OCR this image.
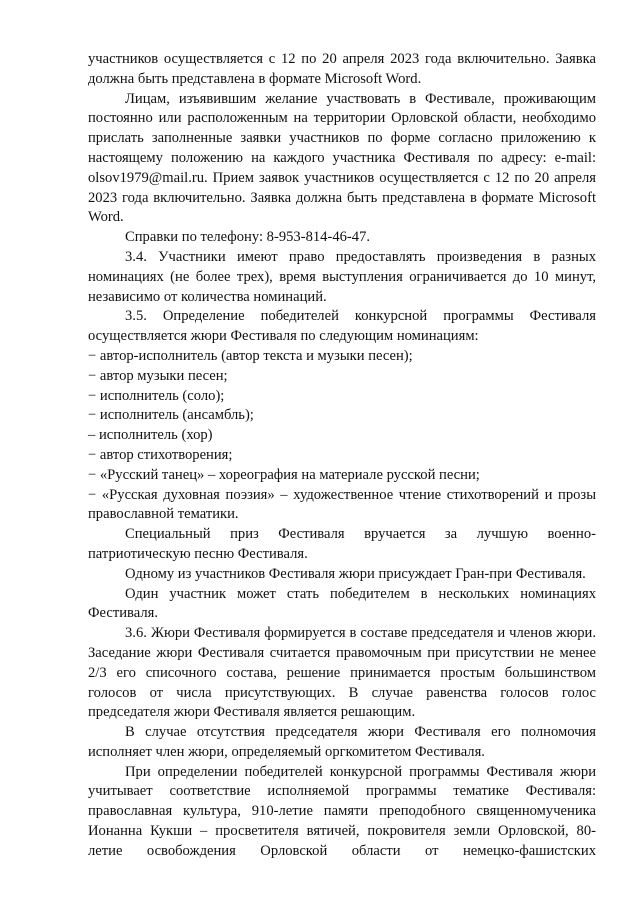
участников осуществляется с 12 по 20 апреля 2023 года включительно. Заявка должна быть представлена в формате Microsoft Word.

Лицам, изъявившим желание участвовать в Фестивале, проживающим постоянно или расположенным на территории Орловской области, необходимо прислать заполненные заявки участников по форме согласно приложению к настоящему положению на каждого участника Фестиваля по адресу: e-mail: olsov1979@mail.ru. Прием заявок участников осуществляется с 12 по 20 апреля 2023 года включительно. Заявка должна быть представлена в формате Microsoft Word.

Справки по телефону: 8-953-814-46-47.

3.4. Участники имеют право предоставлять произведения в разных номинациях (не более трех), время выступления ограничивается до 10 минут, независимо от количества номинаций.

3.5. Определение победителей конкурсной программы Фестиваля осуществляется жюри Фестиваля по следующим номинациям:

− автор-исполнитель (автор текста и музыки песен);

− автор музыки песен;

− исполнитель (соло);

− исполнитель (ансамбль);

– исполнитель (хор)

− автор стихотворения;

− «Русский танец» – хореография на материале русской песни;

− «Русская духовная поэзия» – художественное чтение стихотворений и прозы православной тематики.

Специальный приз Фестиваля вручается за лучшую военно-патриотическую песню Фестиваля.

Одному из участников Фестиваля жюри присуждает Гран-при Фестиваля.

Один участник может стать победителем в нескольких номинациях Фестиваля.

3.6. Жюри Фестиваля формируется в составе председателя и членов жюри. Заседание жюри Фестиваля считается правомочным при присутствии не менее 2/3 его списочного состава, решение принимается простым большинством голосов от числа присутствующих. В случае равенства голосов голос председателя жюри Фестиваля является решающим.

В случае отсутствия председателя жюри Фестиваля его полномочия исполняет член жюри, определяемый оргкомитетом Фестиваля.

При определении победителей конкурсной программы Фестиваля жюри учитывает соответствие исполняемой программы тематике Фестиваля: православная культура, 910-летие памяти преподобного священномученика Ионанна Кукши – просветителя вятичей, покровителя земли Орловской, 80-летие освобождения Орловской области от немецко-фашистских
